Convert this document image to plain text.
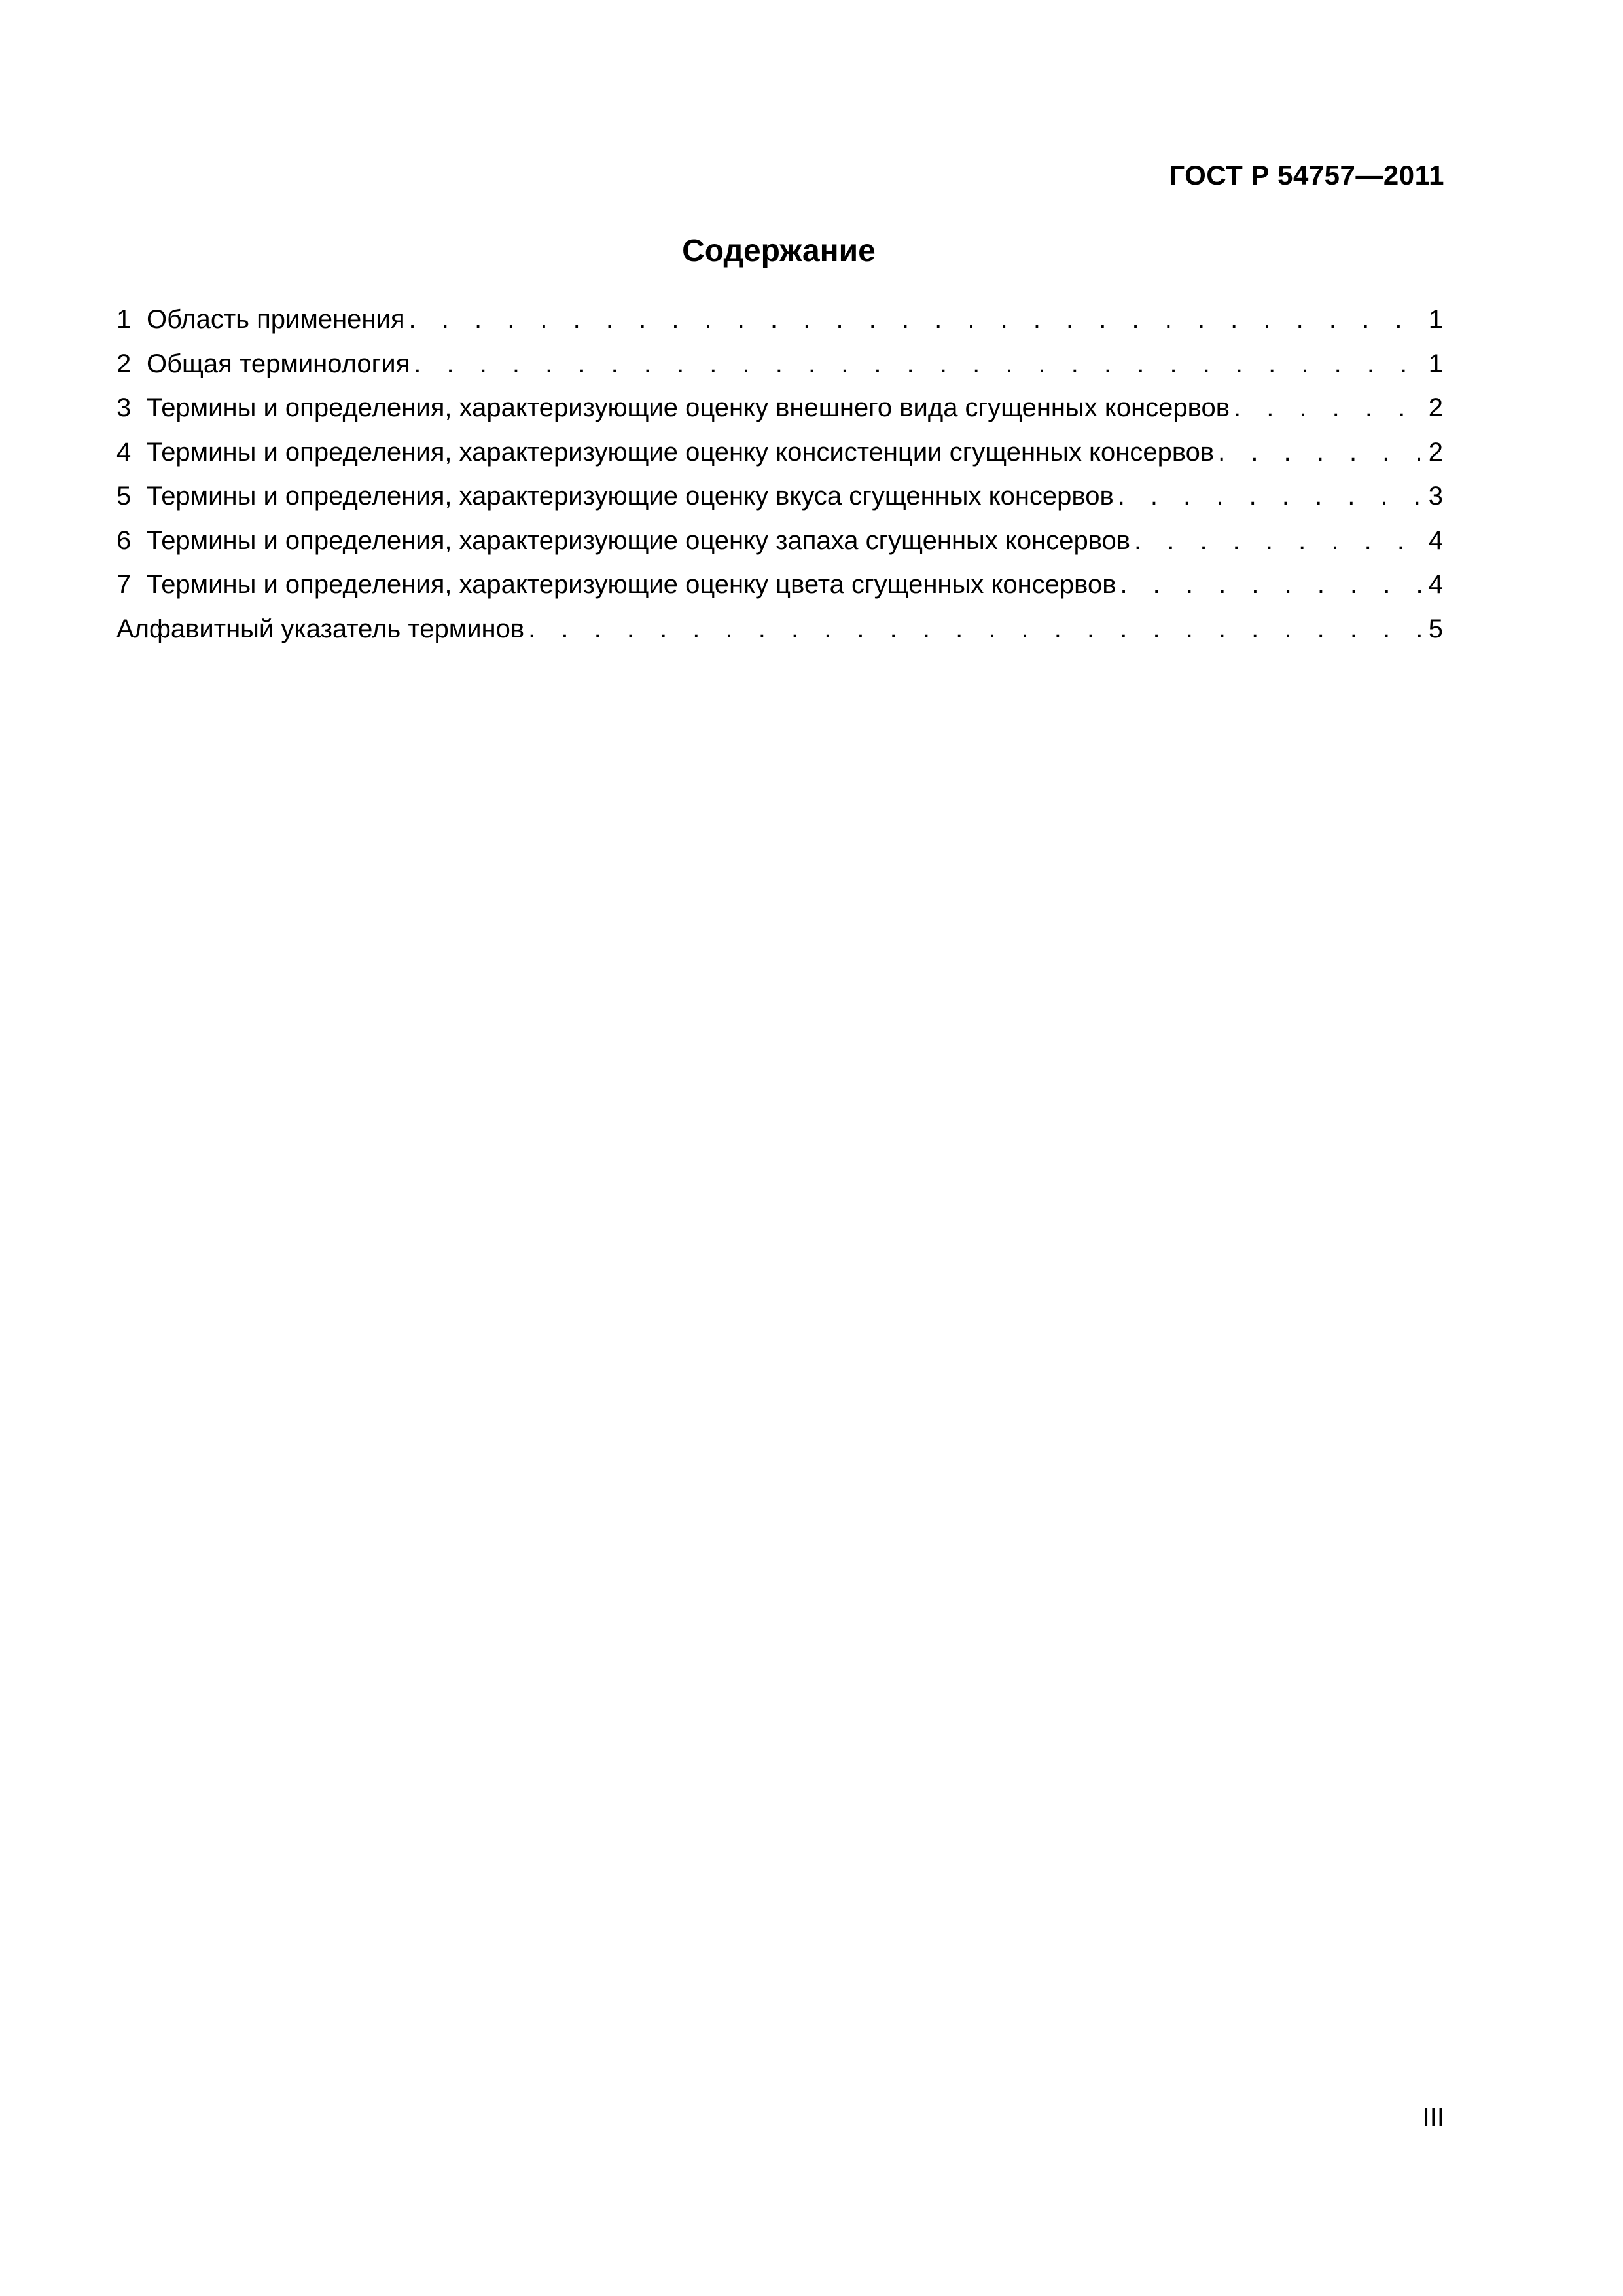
ГОСТ Р 54757—2011
Содержание
1 Область применения . . .	1
2 Общая терминология . . .	1
3 Термины и определения, характеризующие оценку внешнего вида сгущенных консервов . . .	2
4 Термины и определения, характеризующие оценку консистенции сгущенных консервов . . .	2
5 Термины и определения, характеризующие оценку вкуса сгущенных консервов . . .	3
6 Термины и определения, характеризующие оценку запаха сгущенных консервов . . .	4
7 Термины и определения, характеризующие оценку цвета сгущенных консервов . . .	4
Алфавитный указатель терминов . . .	5
III
